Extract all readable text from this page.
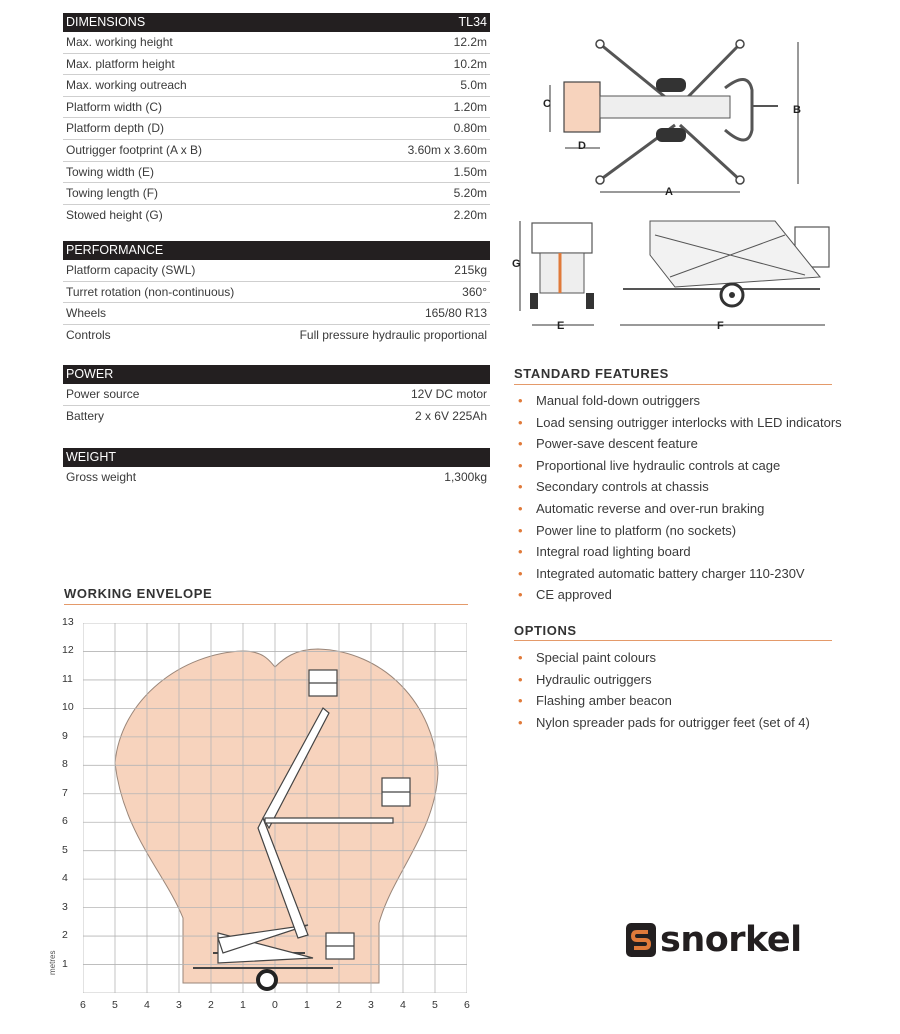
DIMENSIONS	TL34
Max. working height	12.2m
Max. platform height	10.2m
Max. working outreach	5.0m
Platform width (C)	1.20m
Platform depth (D)	0.80m
Outrigger footprint (A x B)	3.60m x 3.60m
Towing width (E)	1.50m
Towing length (F)	5.20m
Stowed height (G)	2.20m
PERFORMANCE
Platform capacity (SWL)	215kg
Turret rotation (non-continuous)	360°
Wheels	165/80 R13
Controls	Full pressure hydraulic proportional
POWER
Power source	12V DC motor
Battery	2 x 6V 225Ah
WEIGHT
Gross weight	1,300kg
C
D
A
B
G
E	F
STANDARD FEATURES
• Manual fold-down outriggers
• Load sensing outrigger interlocks with LED indicators
• Power-save descent feature
• Proportional live hydraulic controls at cage
• Secondary controls at chassis
• Automatic reverse and over-run braking
• Power line to platform (no sockets)
• Integral road lighting board
• Integrated automatic battery charger 110-230V
• CE approved
OPTIONS
• Special paint colours
• Hydraulic outriggers
• Flashing amber beacon
• Nylon spreader pads for outrigger feet (set of 4)
WORKING ENVELOPE
13
12
11
10
9
8
7
6
5
4
3
2
1
6 5 4 3 2 1 0 1 2 3 4 5 6
metres
snorkel
